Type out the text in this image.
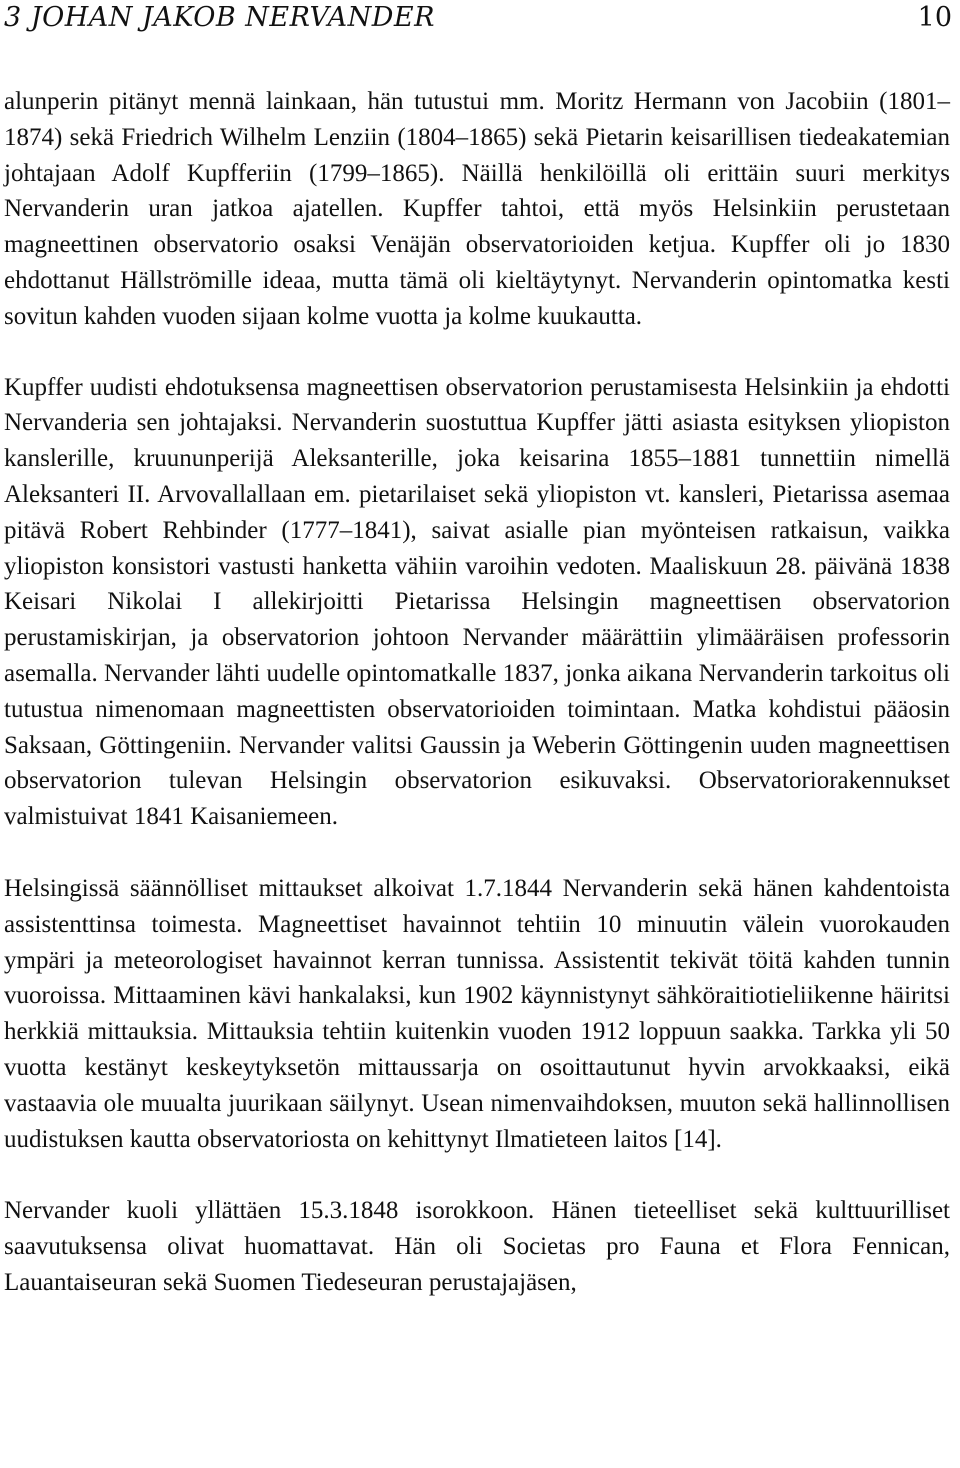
3 JOHAN JAKOB NERVANDER	10

alunperin pitänyt mennä lainkaan, hän tutustui mm. Moritz Hermann von Jacobiin (1801–1874) sekä Friedrich Wilhelm Lenziin (1804–1865) sekä Pietarin keisarillisen tiedeakatemian johtajaan Adolf Kupfferiin (1799–1865). Näillä henkilöillä oli erittäin suuri merkitys Nervanderin uran jatkoa ajatellen. Kupffer tahtoi, että myös Helsinkiin perustetaan magneettinen observatorio osaksi Venäjän observatorioiden ketjua. Kupffer oli jo 1830 ehdottanut Hällströmille ideaa, mutta tämä oli kieltäytynyt. Nervanderin opintomatka kesti sovitun kahden vuoden sijaan kolme vuotta ja kolme kuukautta.

Kupffer uudisti ehdotuksensa magneettisen observatorion perustamisesta Helsinkiin ja ehdotti Nervanderia sen johtajaksi. Nervanderin suostuttua Kupffer jätti asiasta esityksen yliopiston kanslerille, kruununperijä Aleksanterille, joka keisarina 1855–1881 tunnettiin nimellä Aleksanteri II. Arvovallallaan em. pietarilaiset sekä yliopiston vt. kansleri, Pietarissa asemaa pitävä Robert Rehbinder (1777–1841), saivat asialle pian myönteisen ratkaisun, vaikka yliopiston konsistori vastusti hanketta vähiin varoihin vedoten. Maaliskuun 28. päivänä 1838 Keisari Nikolai I allekirjoitti Pietarissa Helsingin magneettisen observatorion perustamiskirjan, ja observatorion johtoon Nervander määrättiin ylimääräisen professorin asemalla. Nervander lähti uudelle opintomatkalle 1837, jonka aikana Nervanderin tarkoitus oli tutustua nimenomaan magneettisten observatorioiden toimintaan. Matka kohdistui pääosin Saksaan, Göttingeniin. Nervander valitsi Gaussin ja Weberin Göttingenin uuden magneettisen observatorion tulevan Helsingin observatorion esikuvaksi. Observatoriorakennukset valmistuivat 1841 Kaisaniemeen.

Helsingissä säännölliset mittaukset alkoivat 1.7.1844 Nervanderin sekä hänen kahdentoista assistenttinsa toimesta. Magneettiset havainnot tehtiin 10 minuutin välein vuorokauden ympäri ja meteorologiset havainnot kerran tunnissa. Assistentit tekivät töitä kahden tunnin vuoroissa. Mittaaminen kävi hankalaksi, kun 1902 käynnistynyt sähköraitiotieliikenne häiritsi herkkiä mittauksia. Mittauksia tehtiin kuitenkin vuoden 1912 loppuun saakka. Tarkka yli 50 vuotta kestänyt keskeytyksetön mittaussarja on osoittautunut hyvin arvokkaaksi, eikä vastaavia ole muualta juurikaan säilynyt. Usean nimenvaihdoksen, muuton sekä hallinnollisen uudistuksen kautta observatoriosta on kehittynyt Ilmatieteen laitos [14].

Nervander kuoli yllättäen 15.3.1848 isorokkoon. Hänen tieteelliset sekä kulttuurilliset saavutuksensa olivat huomattavat. Hän oli Societas pro Fauna et Flora Fennican, Lauantaiseuran sekä Suomen Tiedeseuran perustajajäsen,
